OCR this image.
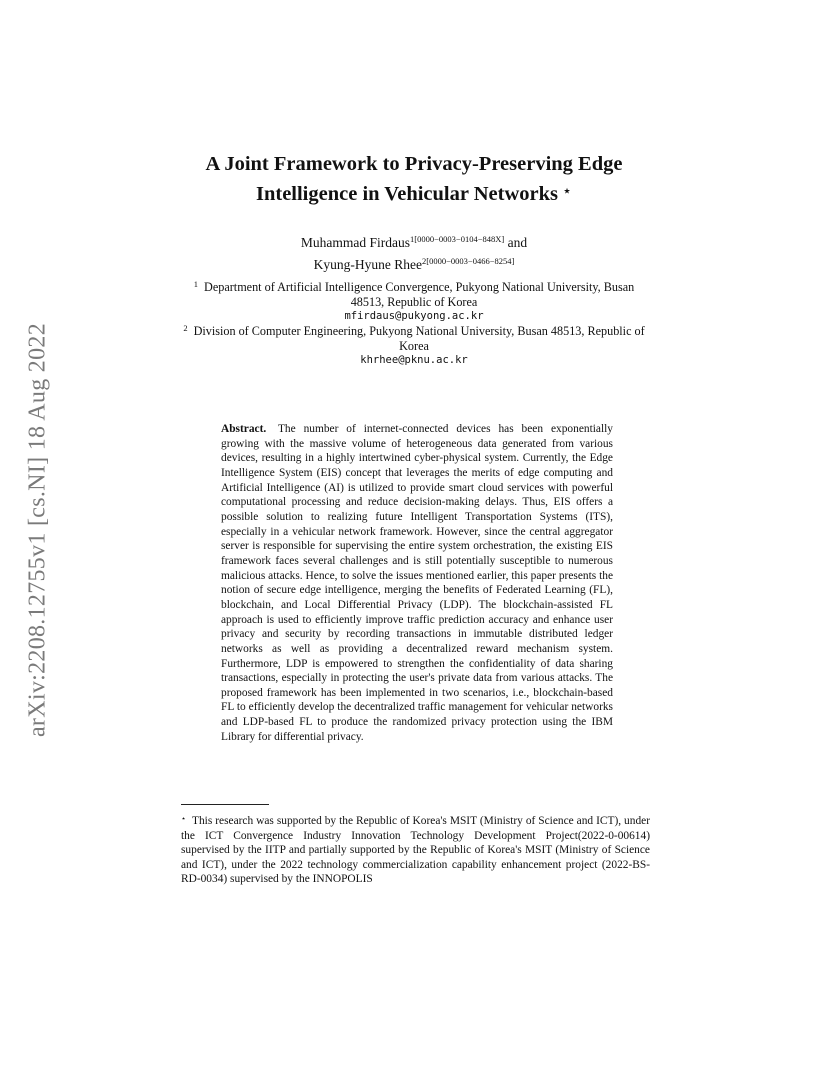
arXiv:2208.12755v1 [cs.NI] 18 Aug 2022
A Joint Framework to Privacy-Preserving Edge Intelligence in Vehicular Networks ⋆
Muhammad Firdaus$^{1[0000-0003-0104-848X]}$ and
Kyung-Hyune Rhee$^{2[0000-0003-0466-8254]}$
$^1$ Department of Artificial Intelligence Convergence, Pukyong National University, Busan 48513, Republic of Korea
mfirdaus@pukyong.ac.kr
$^2$ Division of Computer Engineering, Pukyong National University, Busan 48513, Republic of Korea
khrhee@pknu.ac.kr
Abstract. The number of internet-connected devices has been exponentially growing with the massive volume of heterogeneous data generated from various devices, resulting in a highly intertwined cyber-physical system. Currently, the Edge Intelligence System (EIS) concept that leverages the merits of edge computing and Artificial Intelligence (AI) is utilized to provide smart cloud services with powerful computational processing and reduce decision-making delays. Thus, EIS offers a possible solution to realizing future Intelligent Transportation Systems (ITS), especially in a vehicular network framework. However, since the central aggregator server is responsible for supervising the entire system orchestration, the existing EIS framework faces several challenges and is still potentially susceptible to numerous malicious attacks. Hence, to solve the issues mentioned earlier, this paper presents the notion of secure edge intelligence, merging the benefits of Federated Learning (FL), blockchain, and Local Differential Privacy (LDP). The blockchain-assisted FL approach is used to efficiently improve traffic prediction accuracy and enhance user privacy and security by recording transactions in immutable distributed ledger networks as well as providing a decentralized reward mechanism system. Furthermore, LDP is empowered to strengthen the confidentiality of data sharing transactions, especially in protecting the user's private data from various attacks. The proposed framework has been implemented in two scenarios, i.e., blockchain-based FL to efficiently develop the decentralized traffic management for vehicular networks and LDP-based FL to produce the randomized privacy protection using the IBM Library for differential privacy.
⋆ This research was supported by the Republic of Korea's MSIT (Ministry of Science and ICT), under the ICT Convergence Industry Innovation Technology Development Project(2022-0-00614) supervised by the IITP and partially supported by the Republic of Korea's MSIT (Ministry of Science and ICT), under the 2022 technology commercialization capability enhancement project (2022-BS-RD-0034) supervised by the INNOPOLIS
